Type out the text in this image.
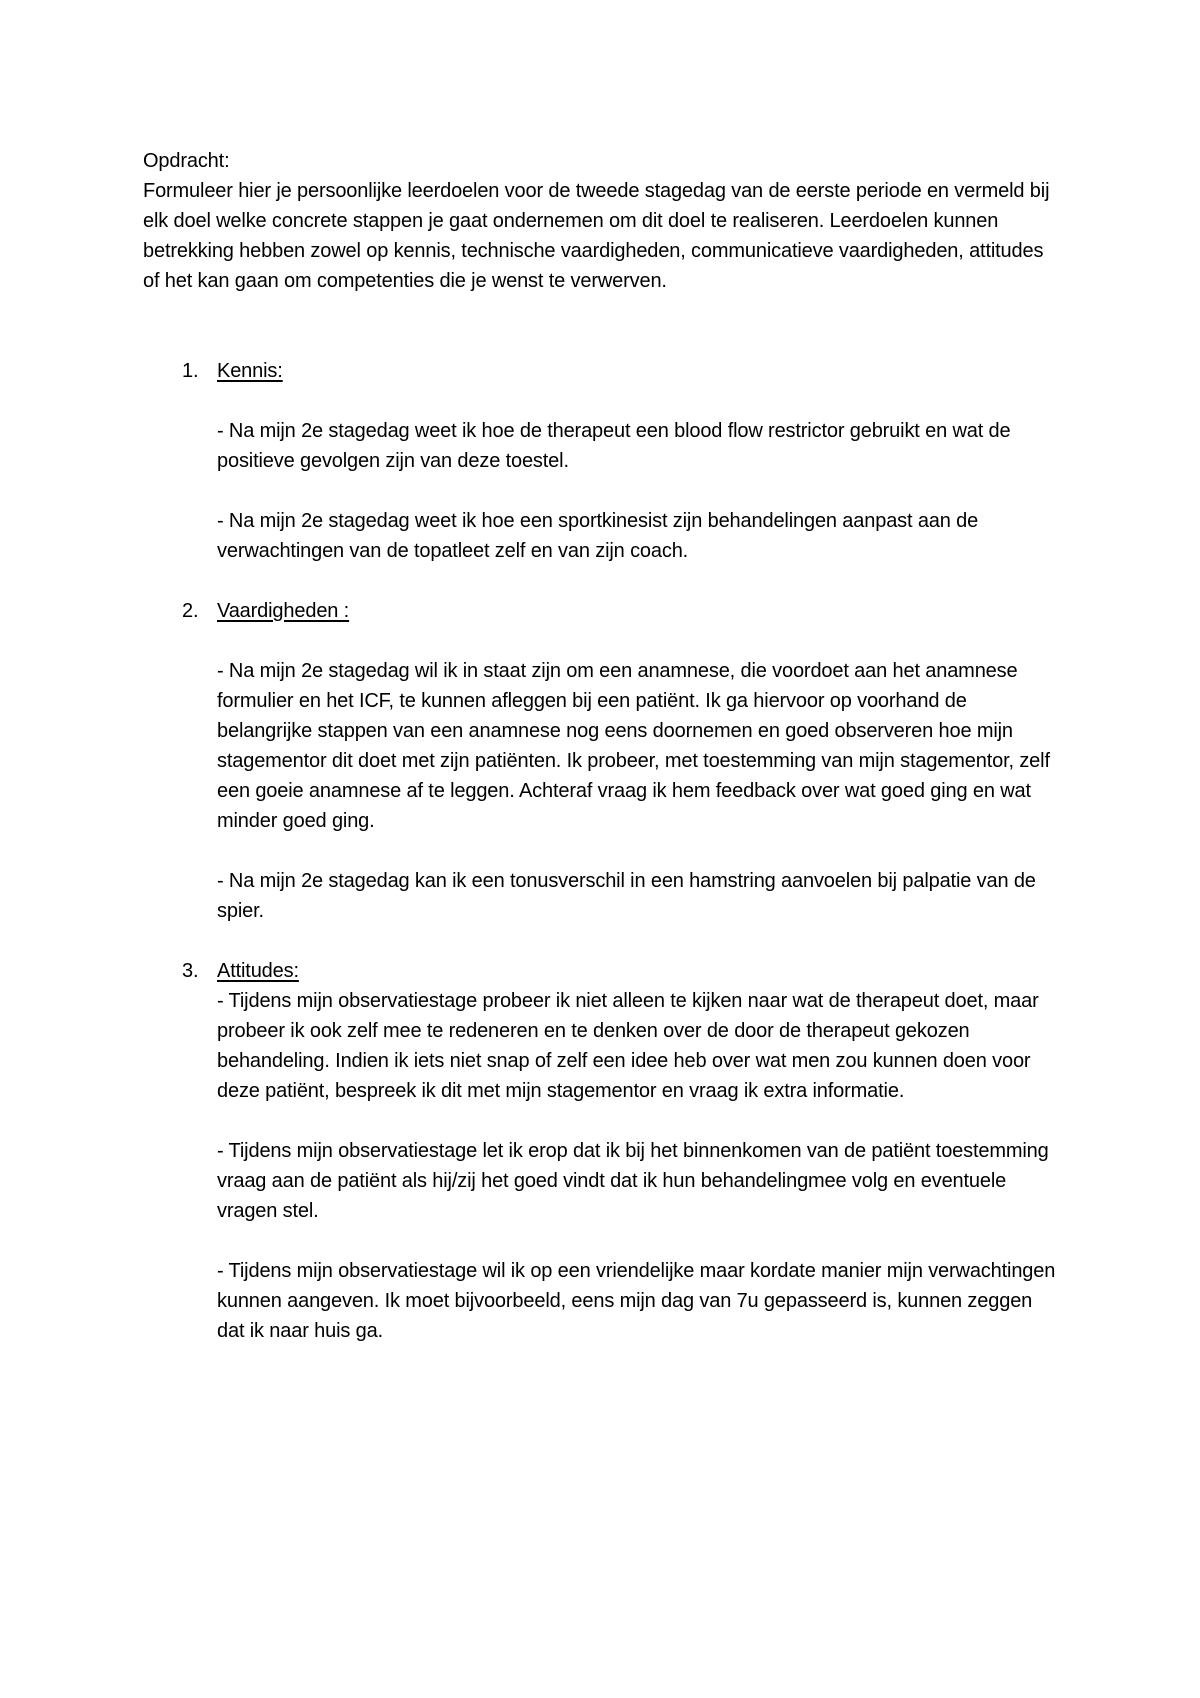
Opdracht:

Formuleer hier je persoonlijke leerdoelen voor de tweede stagedag van de eerste periode en vermeld bij elk doel welke concrete stappen je gaat ondernemen om dit doel te realiseren. Leerdoelen kunnen betrekking hebben zowel op kennis, technische vaardigheden, communicatieve vaardigheden, attitudes of het kan gaan om competenties die je wenst te verwerven.

1. Kennis:

- Na mijn 2e stagedag weet ik hoe de therapeut een blood flow restrictor gebruikt en wat de positieve gevolgen zijn van deze toestel.

- Na mijn 2e stagedag weet ik hoe een sportkinesist zijn behandelingen aanpast aan de verwachtingen van de topatleet zelf en van zijn coach.

2. Vaardigheden :

- Na mijn 2e stagedag wil ik in staat zijn om een anamnese, die voordoet aan het anamnese formulier en het ICF, te kunnen afleggen bij een patiënt. Ik ga hiervoor op voorhand de belangrijke stappen van een anamnese nog eens doornemen en goed observeren hoe mijn stagementor dit doet met zijn patiënten. Ik probeer, met toestemming van mijn stagementor, zelf een goeie anamnese af te leggen. Achteraf vraag ik hem feedback over wat goed ging en wat minder goed ging.

- Na mijn 2e stagedag kan ik een tonusverschil in een hamstring aanvoelen bij palpatie van de spier.

3. Attitudes:

- Tijdens mijn observatiestage probeer ik niet alleen te kijken naar wat de therapeut doet, maar probeer ik ook zelf mee te redeneren en te denken over de door de therapeut gekozen behandeling. Indien ik iets niet snap of zelf een idee heb over wat men zou kunnen doen voor deze patiënt, bespreek ik dit met mijn stagementor en vraag ik extra informatie.

- Tijdens mijn observatiestage let ik erop dat ik bij het binnenkomen van de patiënt toestemming vraag aan de patiënt als hij/zij het goed vindt dat ik hun behandelingmee volg en eventuele vragen stel.

- Tijdens mijn observatiestage wil ik op een vriendelijke maar kordate manier mijn verwachtingen kunnen aangeven. Ik moet bijvoorbeeld, eens mijn dag van 7u gepasseerd is, kunnen zeggen dat ik naar huis ga.
